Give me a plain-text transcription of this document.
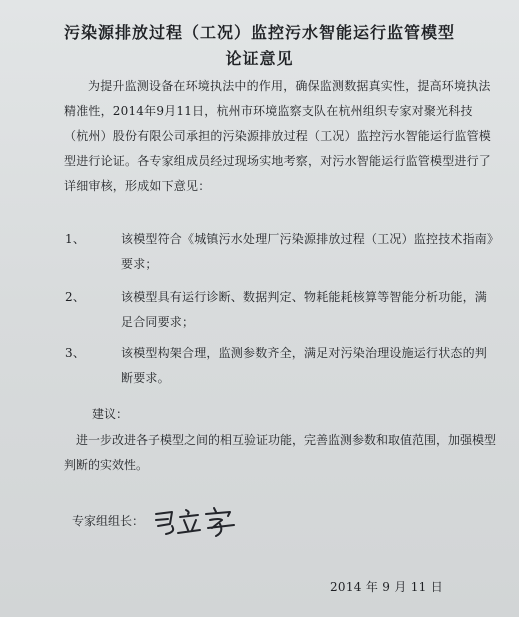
污染源排放过程（工况）监控污水智能运行监管模型
论证意见

为提升监测设备在环境执法中的作用，确保监测数据真实性，提高环境执法精准性，2014年9月11日，杭州市环境监察支队在杭州组织专家对聚光科技（杭州）股份有限公司承担的污染源排放过程（工况）监控污水智能运行监管模型进行论证。各专家组成员经过现场实地考察，对污水智能运行监管模型进行了详细审核，形成如下意见：

1、	该模型符合《城镇污水处理厂污染源排放过程（工况）监控技术指南》要求；
2、	该模型具有运行诊断、数据判定、物耗能耗核算等智能分析功能，满足合同要求；
3、	该模型构架合理，监测参数齐全，满足对污染治理设施运行状态的判断要求。

建议：

进一步改进各子模型之间的相互验证功能，完善监测参数和取值范围，加强模型判断的实效性。

专家组组长：

2014 年 9 月 11 日
